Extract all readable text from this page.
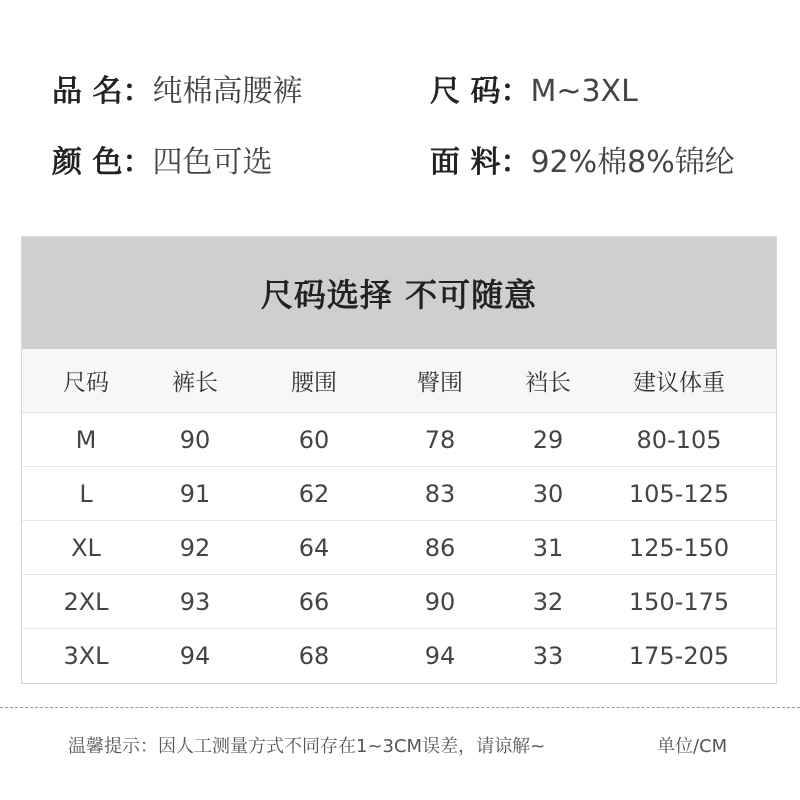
品 名：纯棉高腰裤	尺 码：M~3XL
颜 色：四色可选	面 料：92%棉8%锦纶
尺码选择 不可随意
尺码	裤长	腰围	臀围	裆长	建议体重
M	90	60	78	29	80-105
L	91	62	83	30	105-125
XL	92	64	86	31	125-150
2XL	93	66	90	32	150-175
3XL	94	68	94	33	175-205
温馨提示：因人工测量方式不同存在1~3CM误差，请谅解~	单位/CM
